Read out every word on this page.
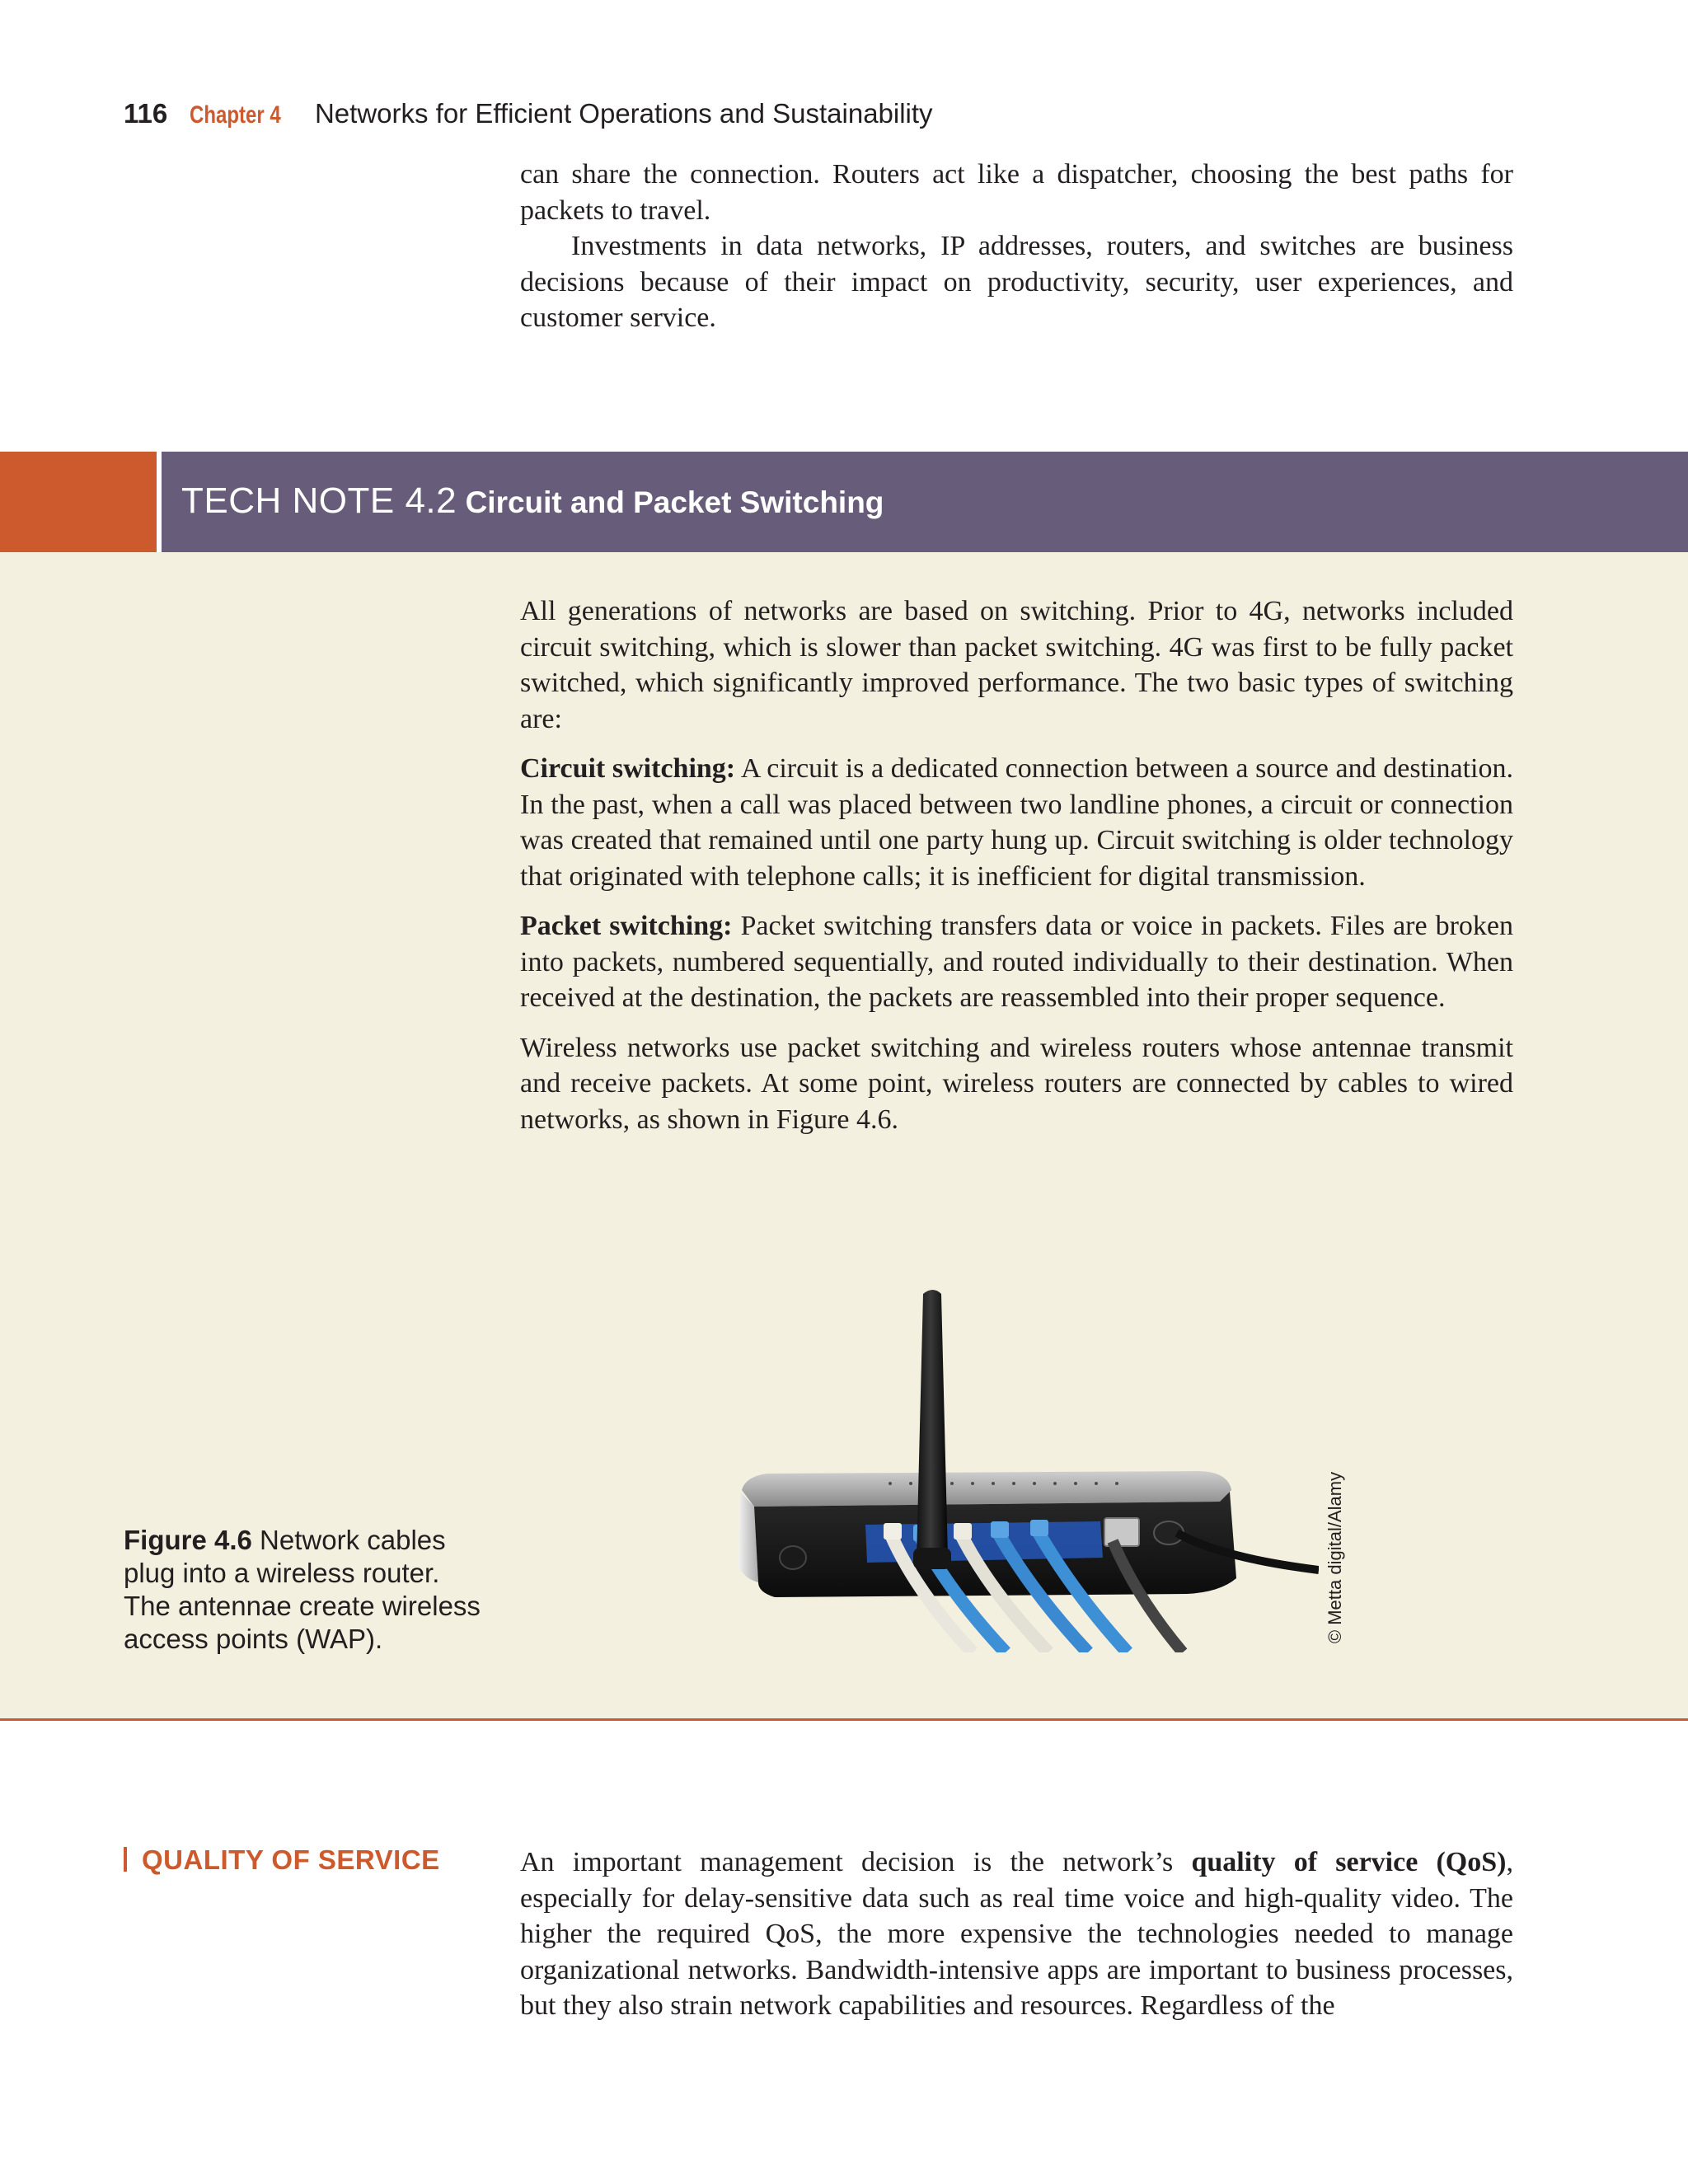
116 Chapter 4 Networks for Efficient Operations and Sustainability

can share the connection. Routers act like a dispatcher, choosing the best paths for packets to travel.

Investments in data networks, IP addresses, routers, and switches are business decisions because of their impact on productivity, security, user experiences, and customer service.

TECH NOTE 4.2 Circuit and Packet Switching

All generations of networks are based on switching. Prior to 4G, networks included circuit switching, which is slower than packet switching. 4G was first to be fully packet switched, which significantly improved performance. The two basic types of switching are:

Circuit switching: A circuit is a dedicated connection between a source and destination. In the past, when a call was placed between two landline phones, a circuit or connection was created that remained until one party hung up. Circuit switching is older technology that originated with telephone calls; it is inefficient for digital transmission.

Packet switching: Packet switching transfers data or voice in packets. Files are broken into packets, numbered sequentially, and routed individually to their destination. When received at the destination, the packets are reassembled into their proper sequence.

Wireless networks use packet switching and wireless routers whose antennae transmit and receive packets. At some point, wireless routers are connected by cables to wired networks, as shown in Figure 4.6.

Figure 4.6 Network cables plug into a wireless router. The antennae create wireless access points (WAP).	© Metta digital/Alamy
QUALITY OF SERVICE	An important management decision is the network’s quality of service (QoS), especially for delay-sensitive data such as real time voice and high-quality video. The higher the required QoS, the more expensive the technologies needed to manage organizational networks. Bandwidth-intensive apps are important to business processes, but they also strain network capabilities and resources. Regardless of the
